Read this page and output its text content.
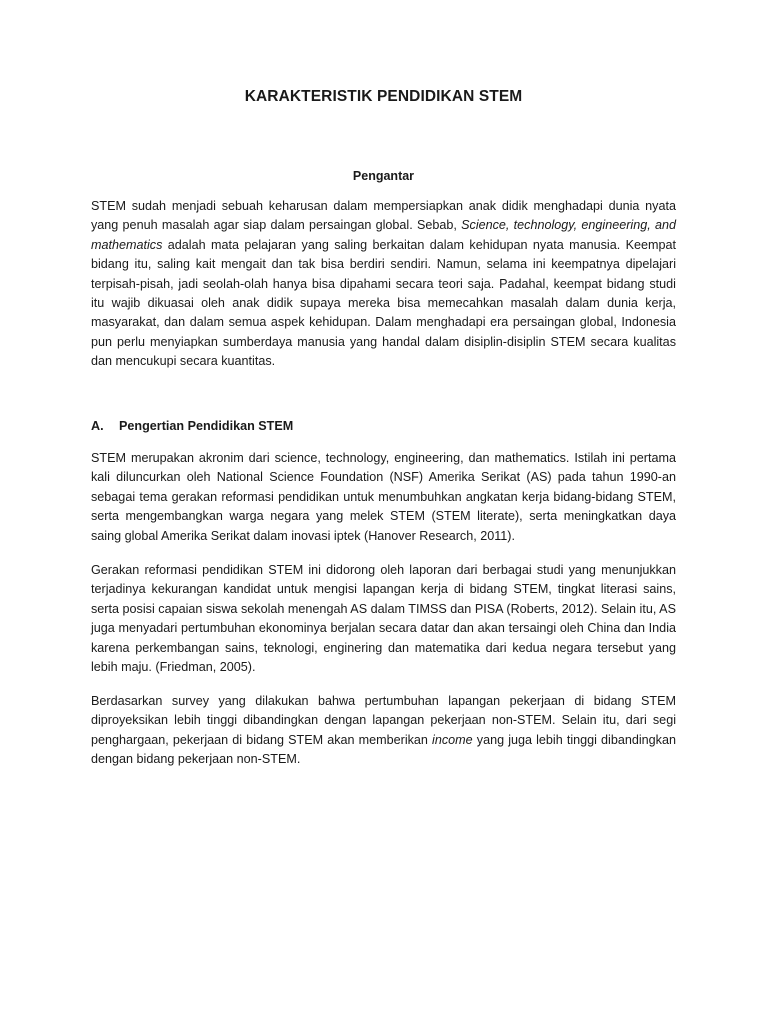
KARAKTERISTIK PENDIDIKAN STEM
Pengantar

STEM sudah menjadi sebuah keharusan dalam mempersiapkan anak didik menghadapi dunia nyata yang penuh masalah agar siap dalam persaingan global. Sebab, Science, technology, engineering, and mathematics adalah mata pelajaran yang saling berkaitan dalam kehidupan nyata manusia. Keempat bidang itu, saling kait mengait dan tak bisa berdiri sendiri. Namun, selama ini keempatnya dipelajari terpisah-pisah, jadi seolah-olah hanya bisa dipahami secara teori saja. Padahal, keempat bidang studi itu wajib dikuasai oleh anak didik supaya mereka bisa memecahkan masalah dalam dunia kerja, masyarakat, dan dalam semua aspek kehidupan. Dalam menghadapi era persaingan global, Indonesia pun perlu menyiapkan sumberdaya manusia yang handal dalam disiplin-disiplin STEM secara kualitas dan mencukupi secara kuantitas.

A. Pengertian Pendidikan STEM

STEM merupakan akronim dari science, technology, engineering, dan mathematics. Istilah ini pertama kali diluncurkan oleh National Science Foundation (NSF) Amerika Serikat (AS) pada tahun 1990-an sebagai tema gerakan reformasi pendidikan untuk menumbuhkan angkatan kerja bidang-bidang STEM, serta mengembangkan warga negara yang melek STEM (STEM literate), serta meningkatkan daya saing global Amerika Serikat dalam inovasi iptek (Hanover Research, 2011).

Gerakan reformasi pendidikan STEM ini didorong oleh laporan dari berbagai studi yang menunjukkan terjadinya kekurangan kandidat untuk mengisi lapangan kerja di bidang STEM, tingkat literasi sains, serta posisi capaian siswa sekolah menengah AS dalam TIMSS dan PISA (Roberts, 2012). Selain itu, AS juga menyadari pertumbuhan ekonominya berjalan secara datar dan akan tersaingi oleh China dan India karena perkembangan sains, teknologi, enginering dan matematika dari kedua negara tersebut yang lebih maju. (Friedman, 2005).

Berdasarkan survey yang dilakukan bahwa pertumbuhan lapangan pekerjaan di bidang STEM diproyeksikan lebih tinggi dibandingkan dengan lapangan pekerjaan non-STEM. Selain itu, dari segi penghargaan, pekerjaan di bidang STEM akan memberikan income yang juga lebih tinggi dibandingkan dengan bidang pekerjaan non-STEM.
